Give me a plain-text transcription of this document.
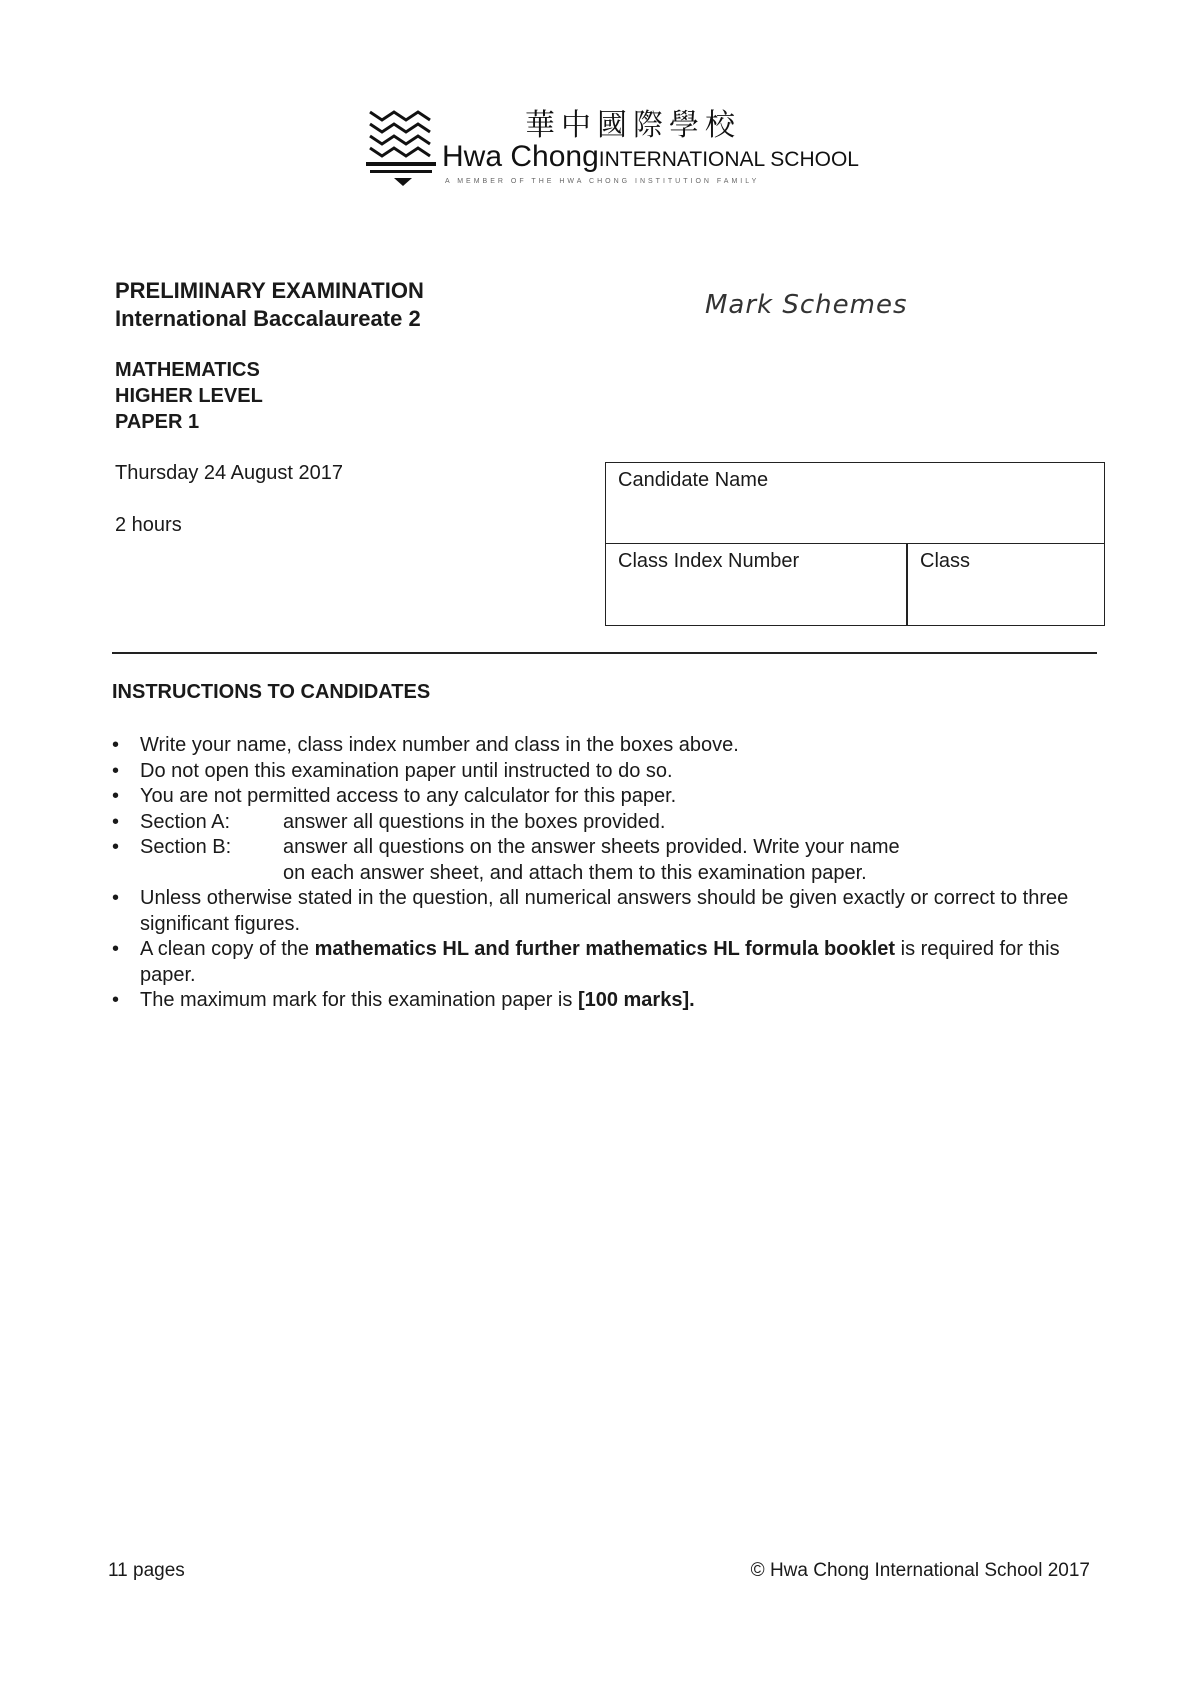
華中國際學校
Hwa ChongINTERNATIONAL SCHOOL
A MEMBER OF THE HWA CHONG INSTITUTION FAMILY
PRELIMINARY EXAMINATION
International Baccalaureate 2	Mark Schemes
MATHEMATICS
HIGHER LEVEL
PAPER 1
Thursday 24 August 2017
2 hours
Candidate Name
Class Index Number	Class
INSTRUCTIONS TO CANDIDATES
• Write your name, class index number and class in the boxes above.
• Do not open this examination paper until instructed to do so.
• You are not permitted access to any calculator for this paper.
• Section A:	answer all questions in the boxes provided.
• Section B:	answer all questions on the answer sheets provided. Write your name
on each answer sheet, and attach them to this examination paper.
• Unless otherwise stated in the question, all numerical answers should be given exactly or correct to three significant figures.
• A clean copy of the mathematics HL and further mathematics HL formula booklet is required for this paper.
• The maximum mark for this examination paper is [100 marks].
11 pages	© Hwa Chong International School 2017
